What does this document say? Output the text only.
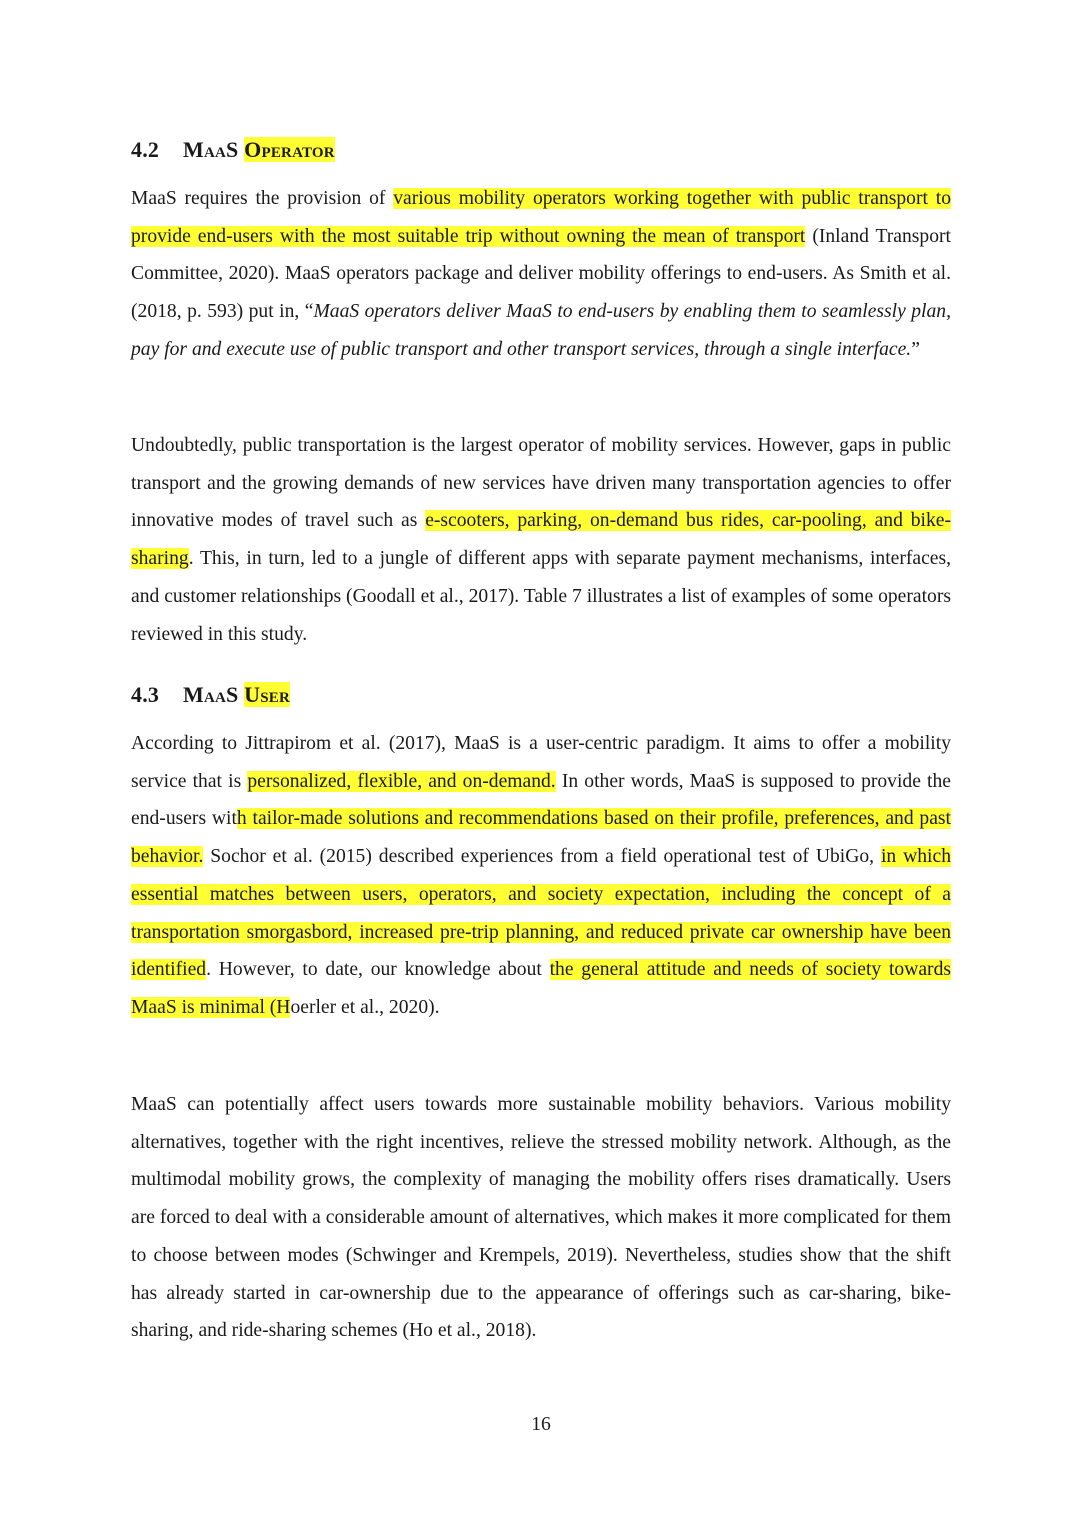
4.2 MaaS Operator

MaaS requires the provision of various mobility operators working together with public transport to provide end-users with the most suitable trip without owning the mean of transport (Inland Transport Committee, 2020). MaaS operators package and deliver mobility offerings to end-users. As Smith et al. (2018, p. 593) put in, “MaaS operators deliver MaaS to end-users by enabling them to seamlessly plan, pay for and execute use of public transport and other transport services, through a single interface.”

Undoubtedly, public transportation is the largest operator of mobility services. However, gaps in public transport and the growing demands of new services have driven many transportation agencies to offer innovative modes of travel such as e-scooters, parking, on-demand bus rides, car-pooling, and bike-sharing. This, in turn, led to a jungle of different apps with separate payment mechanisms, interfaces, and customer relationships (Goodall et al., 2017). Table 7 illustrates a list of examples of some operators reviewed in this study.

4.3 MaaS User

According to Jittrapirom et al. (2017), MaaS is a user-centric paradigm. It aims to offer a mobility service that is personalized, flexible, and on-demand. In other words, MaaS is supposed to provide the end-users with tailor-made solutions and recommendations based on their profile, preferences, and past behavior. Sochor et al. (2015) described experiences from a field operational test of UbiGo, in which essential matches between users, operators, and society expectation, including the concept of a transportation smorgasbord, increased pre-trip planning, and reduced private car ownership have been identified. However, to date, our knowledge about the general attitude and needs of society towards MaaS is minimal (Hoerler et al., 2020).

MaaS can potentially affect users towards more sustainable mobility behaviors. Various mobility alternatives, together with the right incentives, relieve the stressed mobility network. Although, as the multimodal mobility grows, the complexity of managing the mobility offers rises dramatically. Users are forced to deal with a considerable amount of alternatives, which makes it more complicated for them to choose between modes (Schwinger and Krempels, 2019). Nevertheless, studies show that the shift has already started in car-ownership due to the appearance of offerings such as car-sharing, bike-sharing, and ride-sharing schemes (Ho et al., 2018).

16
